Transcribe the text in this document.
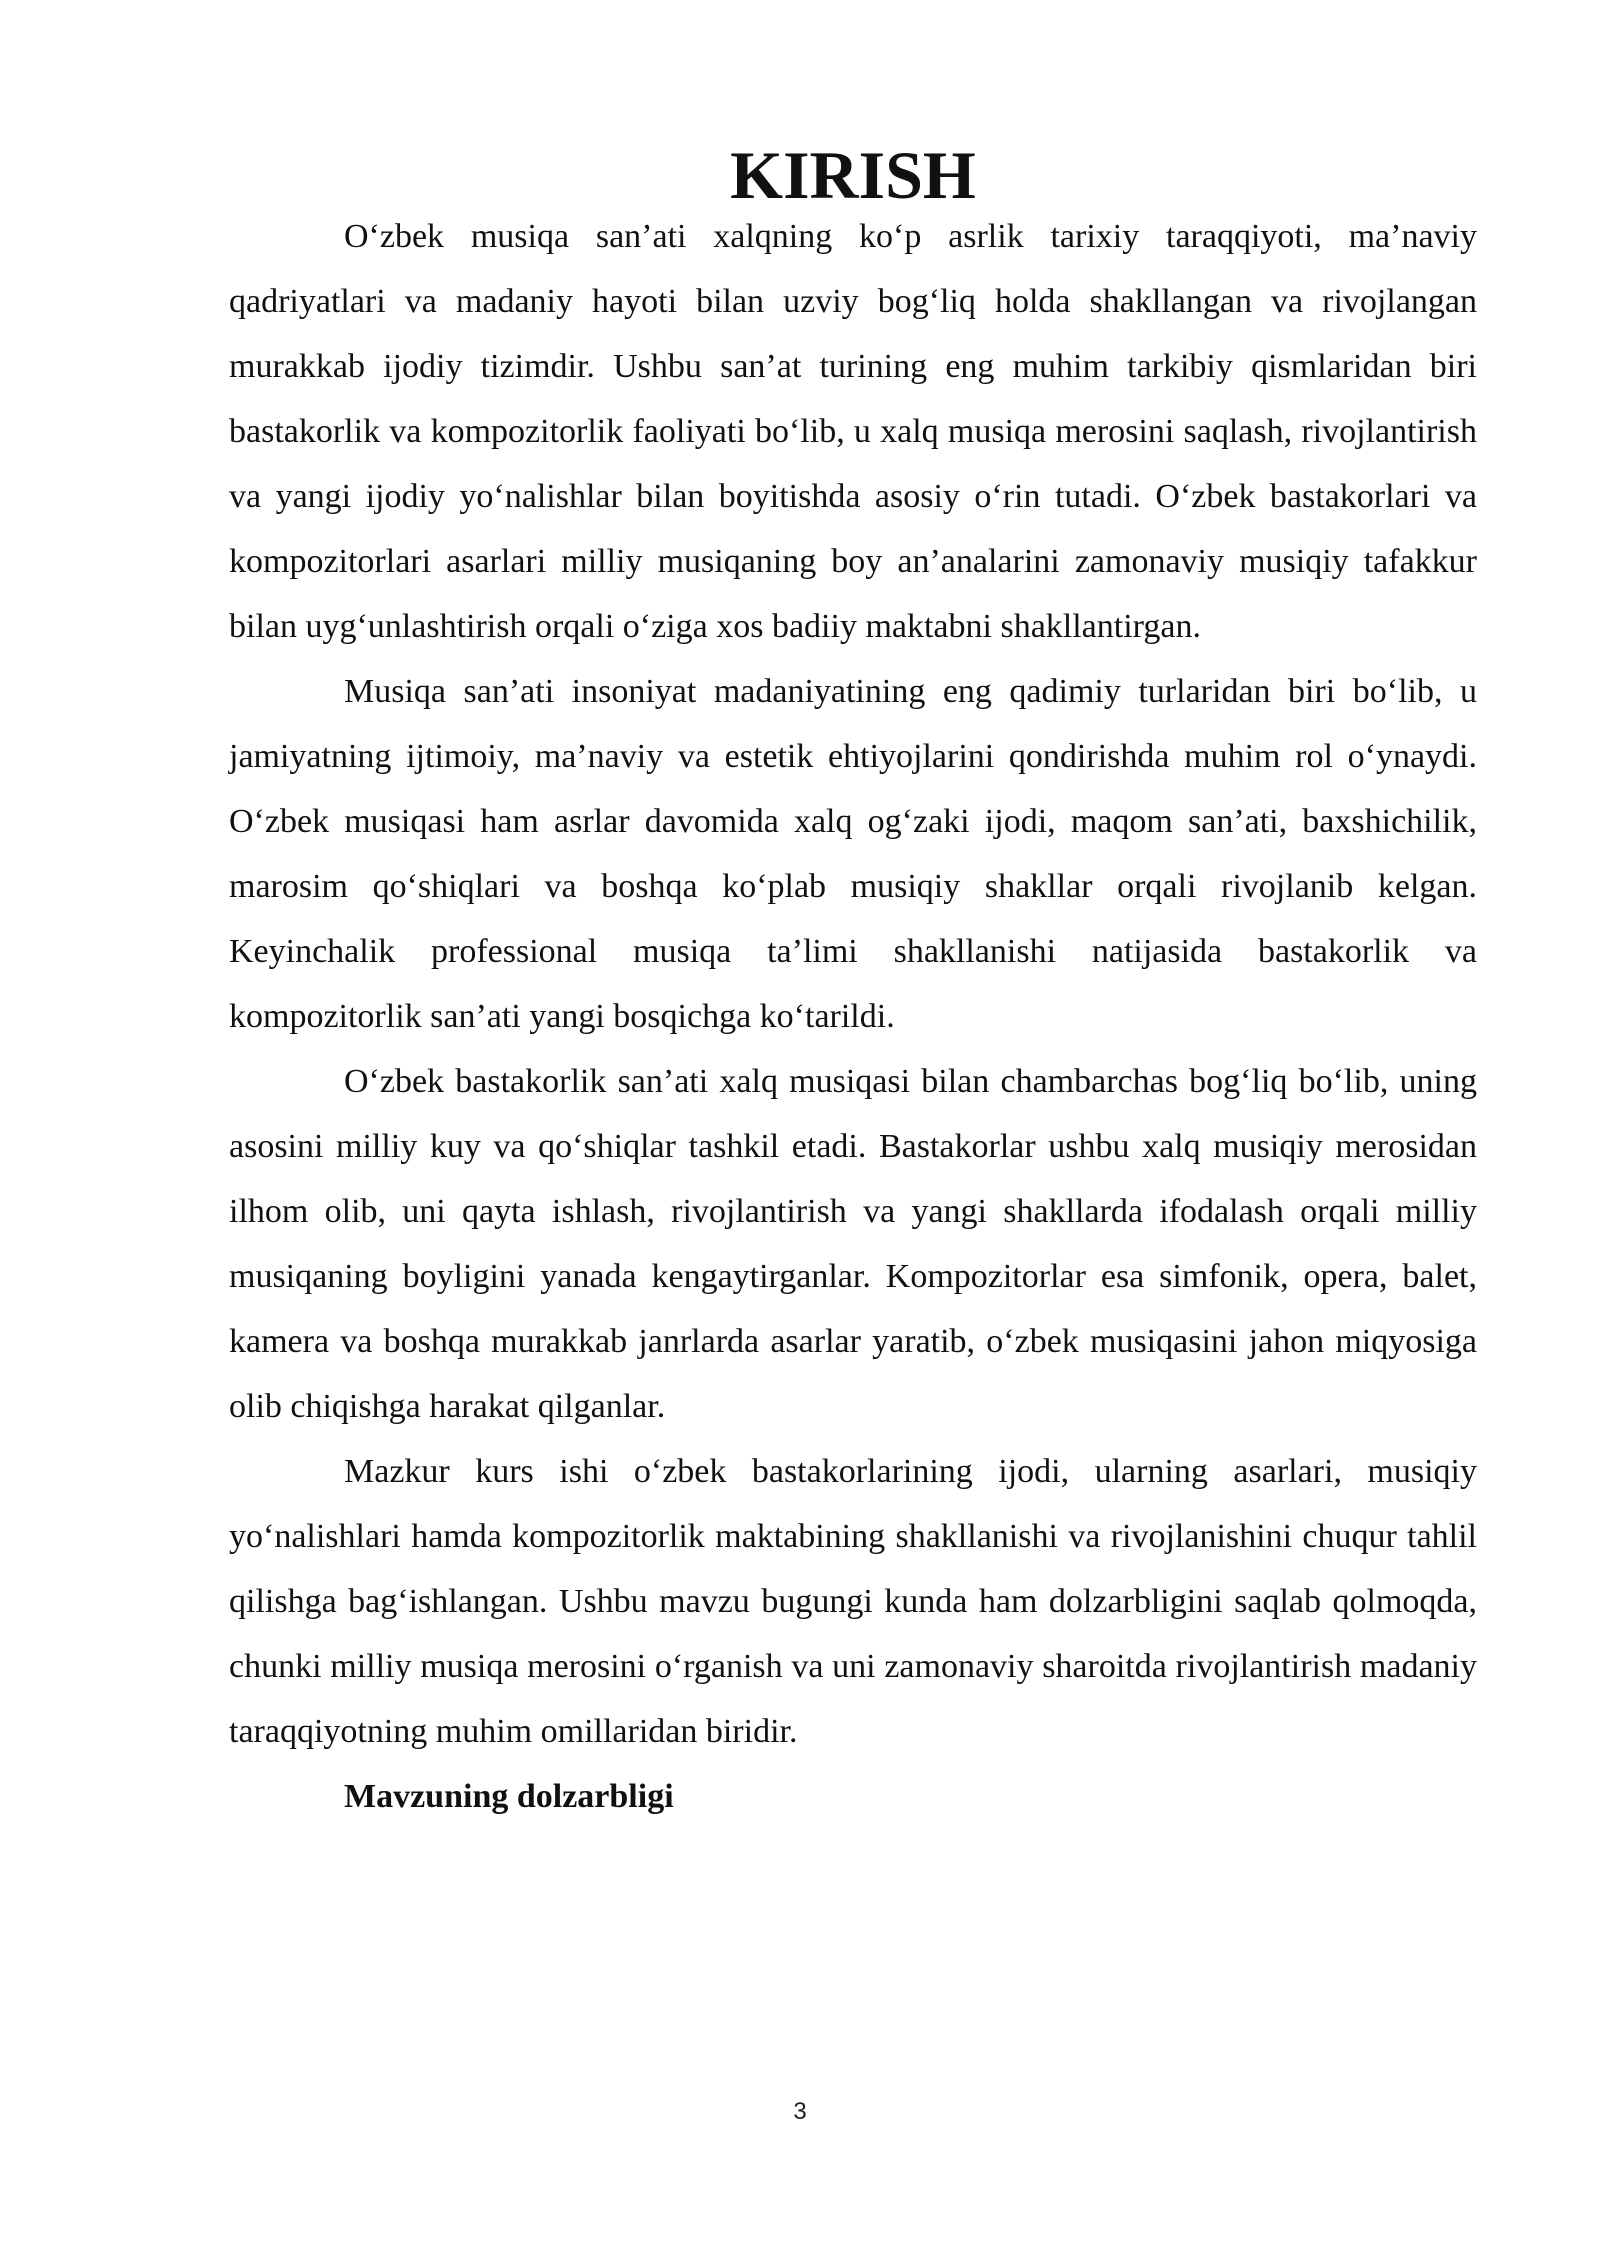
KIRISH

O‘zbek musiqa san’ati xalqning ko‘p asrlik tarixiy taraqqiyoti, ma’naviy qadriyatlari va madaniy hayoti bilan uzviy bog‘liq holda shakllangan va rivojlangan murakkab ijodiy tizimdir. Ushbu san’at turining eng muhim tarkibiy qismlaridan biri bastakorlik va kompozitorlik faoliyati bo‘lib, u xalq musiqa merosini saqlash, rivojlantirish va yangi ijodiy yo‘nalishlar bilan boyitishda asosiy o‘rin tutadi. O‘zbek bastakorlari va kompozitorlari asarlari milliy musiqaning boy an’analarini zamonaviy musiqiy tafakkur bilan uyg‘unlashtirish orqali o‘ziga xos badiiy maktabni shakllantirgan.

Musiqa san’ati insoniyat madaniyatining eng qadimiy turlaridan biri bo‘lib, u jamiyatning ijtimoiy, ma’naviy va estetik ehtiyojlarini qondirishda muhim rol o‘ynaydi. O‘zbek musiqasi ham asrlar davomida xalq og‘zaki ijodi, maqom san’ati, baxshichilik, marosim qo‘shiqlari va boshqa ko‘plab musiqiy shakllar orqali rivojlanib kelgan. Keyinchalik professional musiqa ta’limi shakllanishi natijasida bastakorlik va kompozitorlik san’ati yangi bosqichga ko‘tarildi.

O‘zbek bastakorlik san’ati xalq musiqasi bilan chambarchas bog‘liq bo‘lib, uning asosini milliy kuy va qo‘shiqlar tashkil etadi. Bastakorlar ushbu xalq musiqiy merosidan ilhom olib, uni qayta ishlash, rivojlantirish va yangi shakllarda ifodalash orqali milliy musiqaning boyligini yanada kengaytirganlar. Kompozitorlar esa simfonik, opera, balet, kamera va boshqa murakkab janrlarda asarlar yaratib, o‘zbek musiqasini jahon miqyosiga olib chiqishga harakat qilganlar.

Mazkur kurs ishi o‘zbek bastakorlarining ijodi, ularning asarlari, musiqiy yo‘nalishlari hamda kompozitorlik maktabining shakllanishi va rivojlanishini chuqur tahlil qilishga bag‘ishlangan. Ushbu mavzu bugungi kunda ham dolzarbligini saqlab qolmoqda, chunki milliy musiqa merosini o‘rganish va uni zamonaviy sharoitda rivojlantirish madaniy taraqqiyotning muhim omillaridan biridir.

Mavzuning dolzarbligi

3
